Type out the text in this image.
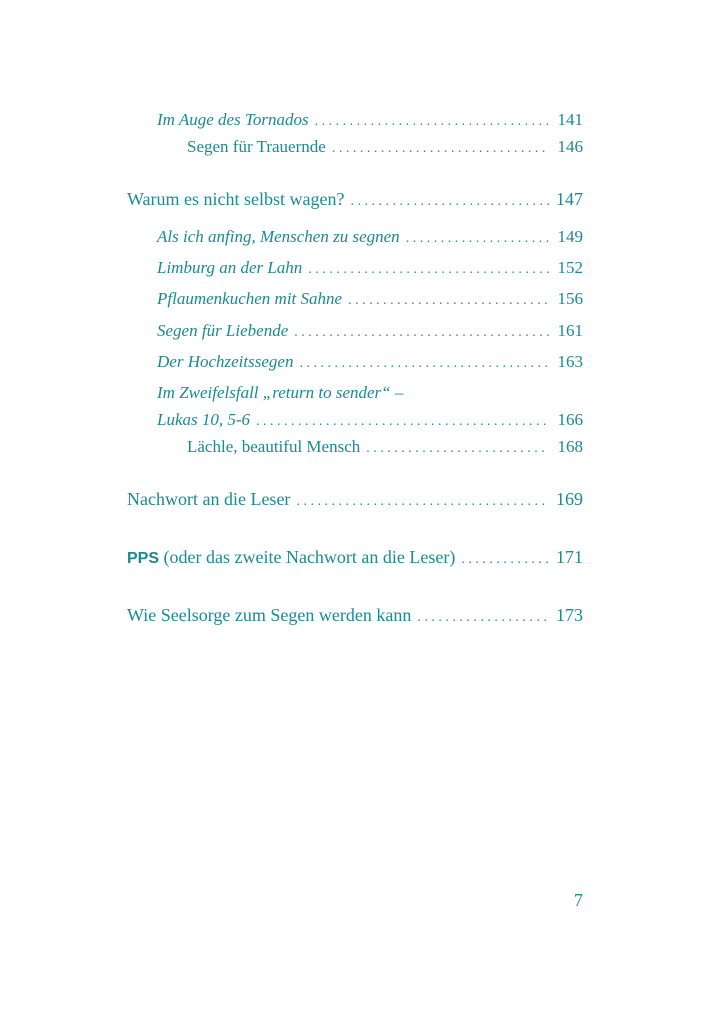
Im Auge des Tornados . . .	141
Segen für Trauernde . . .	146
Warum es nicht selbst wagen? . . .	147
Als ich anfing, Menschen zu segnen . . .	149
Limburg an der Lahn . . .	152
Pflaumenkuchen mit Sahne . . .	156
Segen für Liebende . . .	161
Der Hochzeitssegen . . .	163
Im Zweifelsfall „return to sender“ –
Lukas 10, 5-6 . . .	166
Lächle, beautiful Mensch . . .	168
Nachwort an die Leser . . .	169
PPS (oder das zweite Nachwort an die Leser) . . .	171
Wie Seelsorge zum Segen werden kann . . .	173
7
